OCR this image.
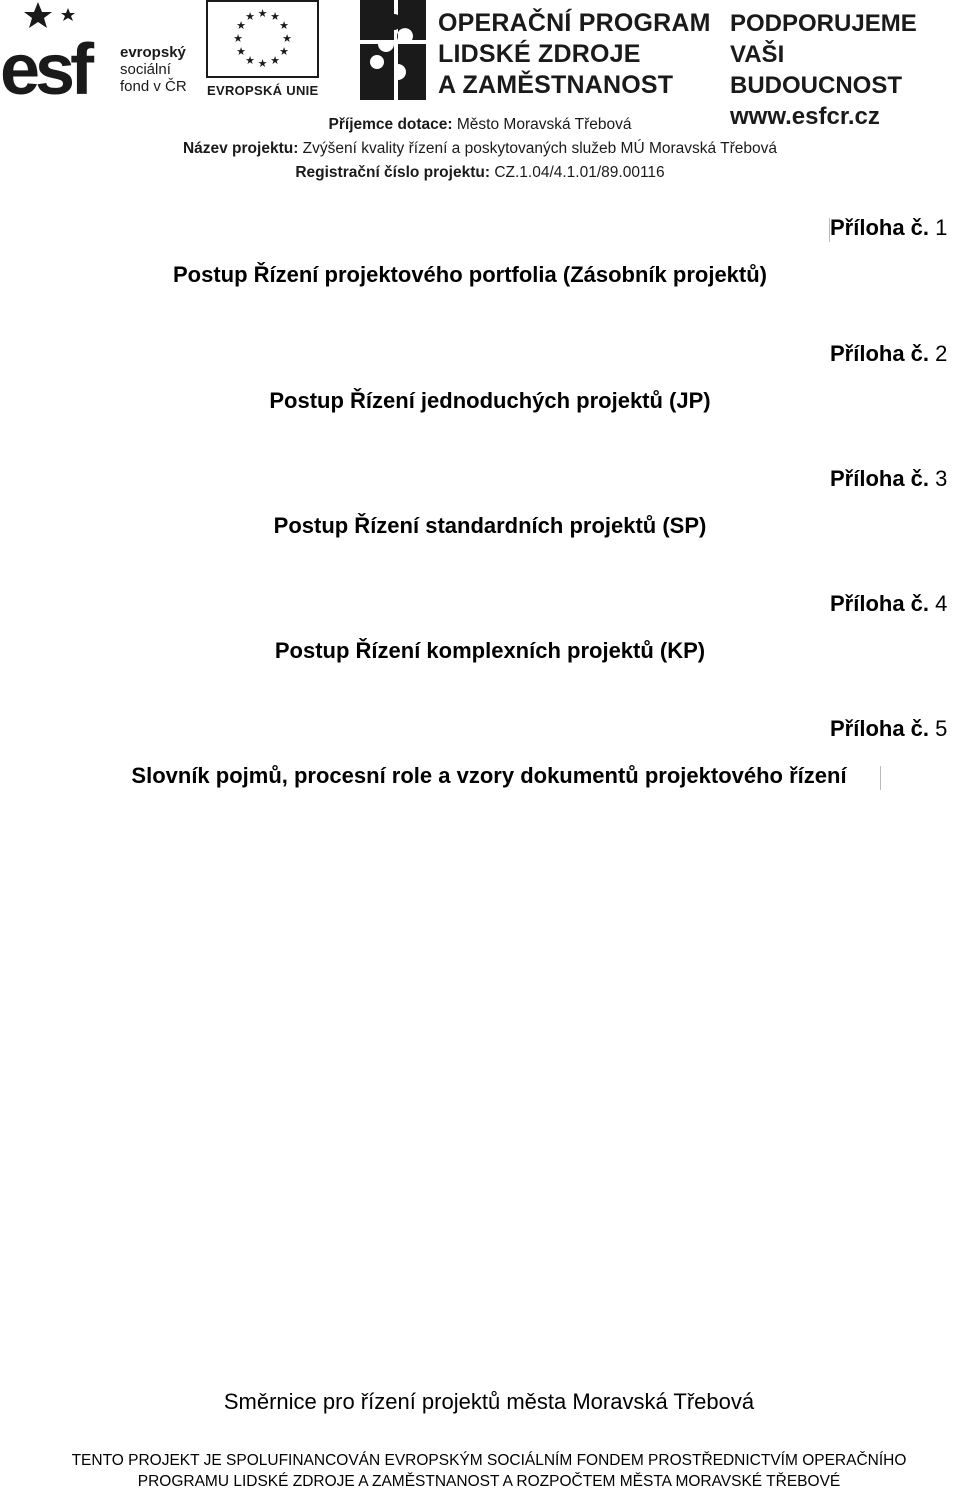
esf	evropský
sociální
fond v ČR
★ ★
★
★
★
★
★
★
★
★
★
★
EVROPSKÁ UNIE
OPERAČNÍ PROGRAM
LIDSKÉ ZDROJE
A ZAMĚSTNANOST
PODPORUJEME
VAŠI BUDOUCNOST
www.esfcr.cz
Příjemce dotace: Město Moravská Třebová
Název projektu: Zvýšení kvality řízení a poskytovaných služeb MÚ Moravská Třebová
Registrační číslo projektu: CZ.1.04/4.1.01/89.00116
Příloha č. 1
Postup Řízení projektového portfolia (Zásobník projektů)
Příloha č. 2
Postup Řízení jednoduchých projektů (JP)
Příloha č. 3
Postup Řízení standardních projektů (SP)
Příloha č. 4
Postup Řízení komplexních projektů (KP)
Příloha č. 5
Slovník pojmů, procesní role a vzory dokumentů projektového řízení
Směrnice pro řízení projektů města Moravská Třebová
TENTO PROJEKT JE SPOLUFINANCOVÁN EVROPSKÝM SOCIÁLNÍM FONDEM PROSTŘEDNICTVÍM OPERAČNÍHO
PROGRAMU LIDSKÉ ZDROJE A ZAMĚSTNANOST A ROZPOČTEM MĚSTA MORAVSKÉ TŘEBOVÉ
